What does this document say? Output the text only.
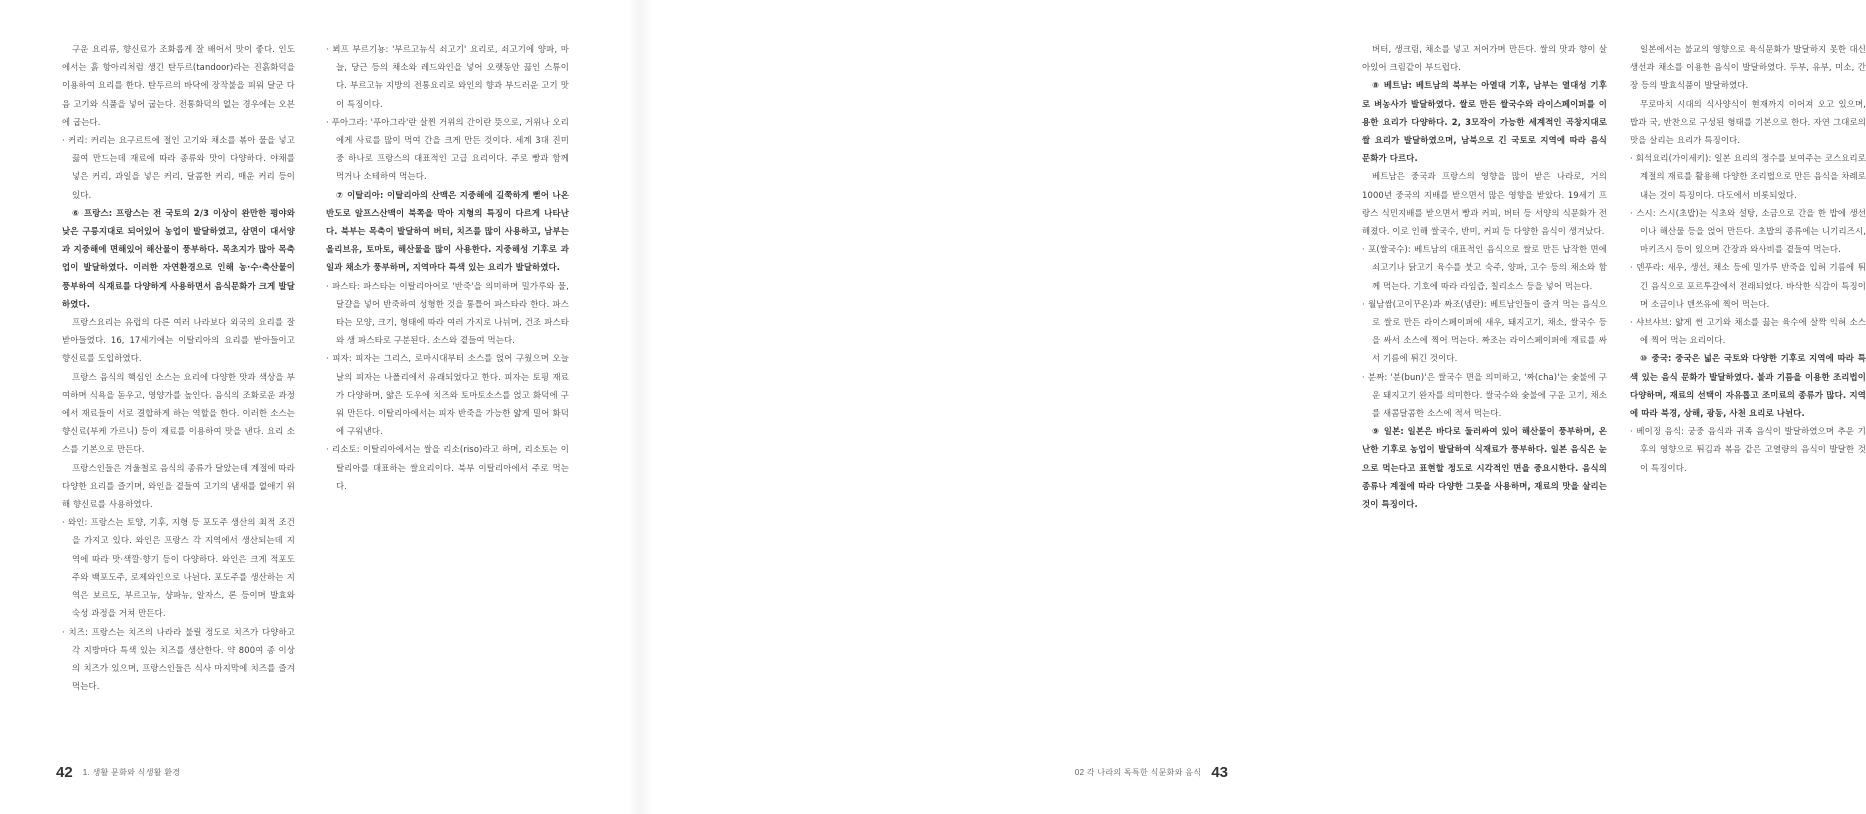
구운 요리류, 향신료가 조화롭게 잘 배어서 맛이 좋다. 인도에서는 흙 항아리처럼 생긴 탄두르(tandoor)라는 진흙화덕을 이용하여 요리를 한다. 탄두르의 바닥에 장작불을 피워 달군 다음 고기와 식품을 넣어 굽는다. 전통화덕의 없는 경우에는 오븐에 굽는다.

· 커리: 커리는 요구르트에 절인 고기와 채소를 볶아 물을 넣고 끓여 만드는데 재료에 따라 종류와 맛이 다양하다. 야채를 넣은 커리, 과일을 넣은 커리, 달콤한 커리, 매운 커리 등이 있다.

⑥ 프랑스: 프랑스는 전 국토의 2/3 이상이 완만한 평야와 낮은 구릉지대로 되어있어 농업이 발달하였고, 삼면이 대서양과 지중해에 면해있어 해산물이 풍부하다. 목초지가 많아 목축업이 발달하였다. 이러한 자연환경으로 인해 농·수·축산물이 풍부하여 식재료를 다양하게 사용하면서 음식문화가 크게 발달하였다.

프랑스요리는 유럽의 다른 여러 나라보다 외국의 요리를 잘 받아들였다. 16, 17세기에는 이탈리아의 요리를 받아들이고 향신료를 도입하였다.

프랑스 음식의 핵심인 소스는 요리에 다양한 맛과 색상을 부여하며 식욕을 돋우고, 영양가를 높인다. 음식의 조화로운 과정에서 재료들이 서로 결합하게 하는 역할을 한다. 이러한 소스는 향신료(부케 가르니) 등이 재료를 이용하여 맛을 낸다. 요리 소스를 기본으로 만든다.

프랑스인들은 겨울철로 음식의 종류가 달았는데 계절에 따라 다양한 요리를 즐기며, 와인을 곁들여 고기의 냄새를 없애기 위해 향신료를 사용하였다.

· 와인: 프랑스는 토양, 기후, 지형 등 포도주 생산의 최적 조건을 가지고 있다. 와인은 프랑스 각 지역에서 생산되는데 지역에 따라 맛·색깔·향기 등이 다양하다. 와인은 크게 적포도주와 백포도주, 로제와인으로 나뉜다. 포도주를 생산하는 지역은 보르도, 부르고뉴, 샹파뉴, 알자스, 론 등이며 발효와 숙성 과정을 거쳐 만든다.

· 치즈: 프랑스는 치즈의 나라라 불릴 정도로 치즈가 다양하고 각 지방마다 특색 있는 치즈를 생산한다. 약 800여 종 이상의 치즈가 있으며, 프랑스인들은 식사 마지막에 치즈를 즐겨 먹는다.

· 뵈프 부르기뇽: '부르고뉴식 쇠고기' 요리로, 쇠고기에 양파, 마늘, 당근 등의 채소와 레드와인을 넣어 오랫동안 끓인 스튜이다. 부르고뉴 지방의 전통요리로 와인의 향과 부드러운 고기 맛이 특징이다.

· 푸아그라: '푸아그라'란 살찐 거위의 간이란 뜻으로, 거위나 오리에게 사료를 많이 먹여 간을 크게 만든 것이다. 세계 3대 진미 중 하나로 프랑스의 대표적인 고급 요리이다. 주로 빵과 함께 먹거나 소테하여 먹는다.

⑦ 이탈리아: 이탈리아의 산맥은 지중해에 길쭉하게 뻗어 나온 반도로 알프스산맥이 북쪽을 막아 지형의 특징이 다르게 나타난다. 북부는 목축이 발달하여 버터, 치즈를 많이 사용하고, 남부는 올리브유, 토마토, 해산물을 많이 사용한다. 지중해성 기후로 과일과 채소가 풍부하며, 지역마다 특색 있는 요리가 발달하였다.

· 파스타: 파스타는 이탈리아어로 '반죽'을 의미하며 밀가루와 물, 달걀을 넣어 반죽하여 성형한 것을 통틀어 파스타라 한다. 파스타는 모양, 크기, 형태에 따라 여러 가지로 나뉘며, 건조 파스타와 생 파스타로 구분된다. 소스와 곁들여 먹는다.

· 피자: 피자는 그리스, 로마시대부터 소스를 얹어 구웠으며 오늘날의 피자는 나폴리에서 유래되었다고 한다. 피자는 토핑 재료가 다양하며, 얇은 도우에 치즈와 토마토소스를 얹고 화덕에 구워 만든다. 이탈리아에서는 피자 반죽을 가능한 얇게 밀어 화덕에 구워낸다.

· 리소토: 이탈리아에서는 쌀을 리소(riso)라고 하며, 리소토는 이탈리아를 대표하는 쌀요리이다. 북부 이탈리아에서 주로 먹는다.

42 1. 생활 문화와 식생활 환경

버터, 생크림, 채소를 넣고 저어가며 만든다. 쌀의 맛과 향이 살아있어 크림같이 부드럽다.

⑧ 베트남: 베트남의 북부는 아열대 기후, 남부는 열대성 기후로 벼농사가 발달하였다. 쌀로 만든 쌀국수와 라이스페이퍼를 이용한 요리가 다양하다. 2, 3모작이 가능한 세계적인 곡창지대로 쌀 요리가 발달하였으며, 남북으로 긴 국토로 지역에 따라 음식 문화가 다르다.

베트남은 중국과 프랑스의 영향을 많이 받은 나라로, 거의 1000년 중국의 지배를 받으면서 많은 영향을 받았다. 19세기 프랑스 식민지배를 받으면서 빵과 커피, 버터 등 서양의 식문화가 전해졌다. 이로 인해 쌀국수, 반미, 커피 등 다양한 음식이 생겨났다.

· 포(쌀국수): 베트남의 대표적인 음식으로 쌀로 만든 납작한 면에 쇠고기나 닭고기 육수를 붓고 숙주, 양파, 고수 등의 채소와 함께 먹는다. 기호에 따라 라임즙, 칠리소스 등을 넣어 먹는다.

· 월남쌈(고이꾸온)과 짜조(넴란): 베트남인들이 즐겨 먹는 음식으로 쌀로 만든 라이스페이퍼에 새우, 돼지고기, 채소, 쌀국수 등을 싸서 소스에 찍어 먹는다. 짜조는 라이스페이퍼에 재료를 싸서 기름에 튀긴 것이다.

· 분짜: '분(bun)'은 쌀국수 면을 의미하고, '짜(cha)'는 숯불에 구운 돼지고기 완자를 의미한다. 쌀국수와 숯불에 구운 고기, 채소를 새콤달콤한 소스에 적셔 먹는다.

⑨ 일본: 일본은 바다로 둘러싸여 있어 해산물이 풍부하며, 온난한 기후로 농업이 발달하여 식재료가 풍부하다. 일본 음식은 눈으로 먹는다고 표현할 정도로 시각적인 면을 중요시한다. 음식의 종류나 계절에 따라 다양한 그릇을 사용하며, 재료의 맛을 살리는 것이 특징이다.

일본에서는 불교의 영향으로 육식문화가 발달하지 못한 대신 생선과 채소를 이용한 음식이 발달하였다. 두부, 유부, 미소, 간장 등의 발효식품이 발달하였다.

무로마치 시대의 식사양식이 현재까지 이어져 오고 있으며, 밥과 국, 반찬으로 구성된 형태를 기본으로 한다. 자연 그대로의 맛을 살리는 요리가 특징이다.

· 회석요리(가이세키): 일본 요리의 정수를 보여주는 코스요리로 계절의 재료를 활용해 다양한 조리법으로 만든 음식을 차례로 내는 것이 특징이다. 다도에서 비롯되었다.

· 스시: 스시(초밥)는 식초와 설탕, 소금으로 간을 한 밥에 생선이나 해산물 등을 얹어 만든다. 초밥의 종류에는 니기리즈시, 마키즈시 등이 있으며 간장과 와사비를 곁들여 먹는다.

· 덴푸라: 새우, 생선, 채소 등에 밀가루 반죽을 입혀 기름에 튀긴 음식으로 포르투갈에서 전래되었다. 바삭한 식감이 특징이며 소금이나 덴쓰유에 찍어 먹는다.

· 샤브샤브: 얇게 썬 고기와 채소를 끓는 육수에 살짝 익혀 소스에 찍어 먹는 요리이다.

⑩ 중국: 중국은 넓은 국토와 다양한 기후로 지역에 따라 특색 있는 음식 문화가 발달하였다. 불과 기름을 이용한 조리법이 다양하며, 재료의 선택이 자유롭고 조미료의 종류가 많다. 지역에 따라 북경, 상해, 광동, 사천 요리로 나뉜다.

· 베이징 음식: 궁중 음식과 귀족 음식이 발달하였으며 추운 기후의 영향으로 튀김과 볶음 같은 고열량의 음식이 발달한 것이 특징이다.

02 각 나라의 독특한 식문화와 음식 43
